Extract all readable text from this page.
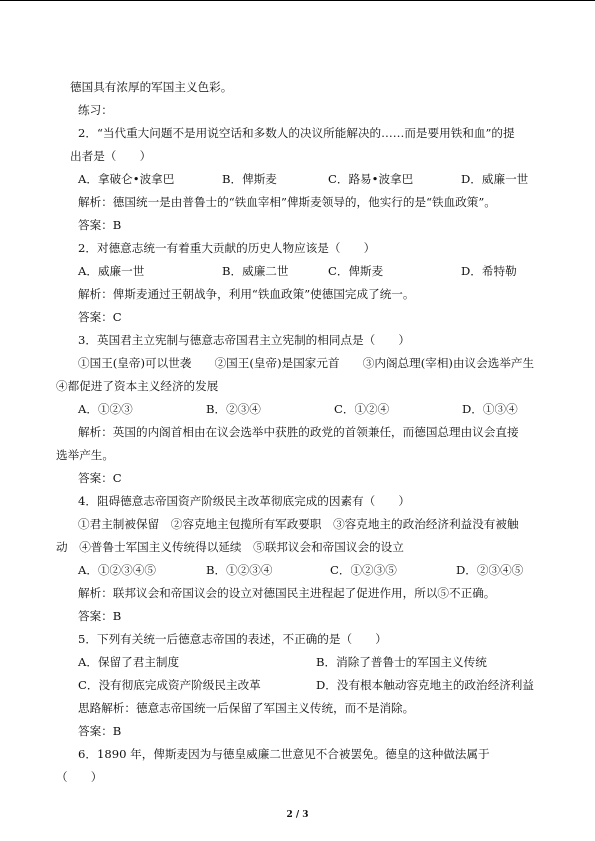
德国具有浓厚的军国主义色彩。
练习：
2．“当代重大问题不是用说空话和多数人的决议所能解决的……而是要用铁和血”的提
出者是（　　）
A．拿破仑•波拿巴	B．俾斯麦	C．路易•波拿巴	D．威廉一世
解析：德国统一是由普鲁士的“铁血宰相”俾斯麦领导的，他实行的是“铁血政策”。
答案：B
2．对德意志统一有着重大贡献的历史人物应该是（　　）
A．威廉一世	B．威廉二世	C．俾斯麦	D．希特勒
解析：俾斯麦通过王朝战争，利用“铁血政策”使德国完成了统一。
答案：C
3．英国君主立宪制与德意志帝国君主立宪制的相同点是（　　）
①国王(皇帝)可以世袭　　②国王(皇帝)是国家元首　　③内阁总理(宰相)由议会选举产生
④都促进了资本主义经济的发展
A．①②③	B．②③④	C．①②④	D．①③④
解析：英国的内阁首相由在议会选举中获胜的政党的首领兼任，而德国总理由议会直接
选举产生。
答案：C
4．阻碍德意志帝国资产阶级民主改革彻底完成的因素有（　　）
①君主制被保留　②容克地主包揽所有军政要职　③容克地主的政治经济利益没有被触
动　④普鲁士军国主义传统得以延续　⑤联邦议会和帝国议会的设立
A．①②③④⑤	B．①②③④	C．①②③⑤	D．②③④⑤
解析：联邦议会和帝国议会的设立对德国民主进程起了促进作用，所以⑤不正确。
答案：B
5．下列有关统一后德意志帝国的表述，不正确的是（　　）
A．保留了君主制度	B．消除了普鲁士的军国主义传统
C．没有彻底完成资产阶级民主改革	D．没有根本触动容克地主的政治经济利益
思路解析：德意志帝国统一后保留了军国主义传统，而不是消除。
答案：B
6．1890 年，俾斯麦因为与德皇威廉二世意见不合被罢免。德皇的这种做法属于
（　　）
2 / 3
